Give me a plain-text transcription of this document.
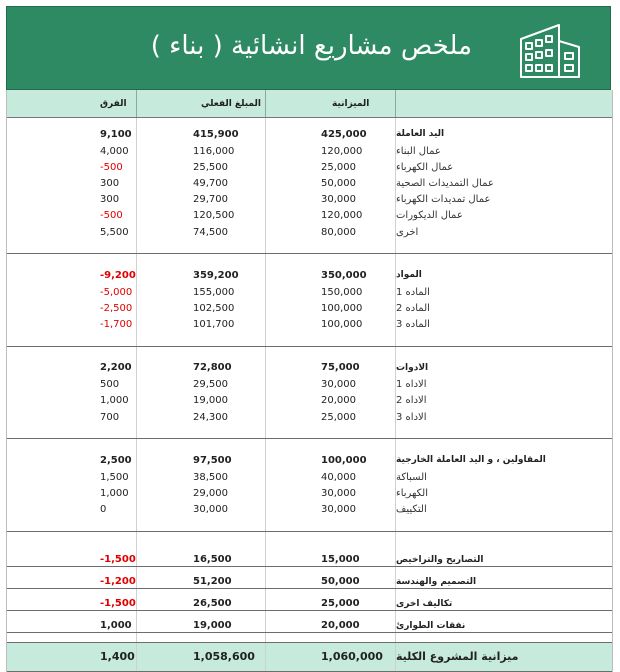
ملخص مشاريع انشائية ( بناء )
الفرق	المبلغ الفعلي	الميزانية
9,100	415,900	425,000	اليد العاملة
4,000	116,000	120,000	عمال البناء
-500	25,500	25,000	عمال الكهرباء
300	49,700	50,000	عمال التمديدات الصحية
300	29,700	30,000	عمال تمديدات الكهرباء
-500	120,500	120,000	عمال الديكورات
5,500	74,500	80,000	اخرى
-9,200	359,200	350,000	المواد
-5,000	155,000	150,000	الماده 1
-2,500	102,500	100,000	الماده 2
-1,700	101,700	100,000	الماده 3
2,200	72,800	75,000	الادوات
500	29,500	30,000	الاداه 1
1,000	19,000	20,000	الاداه 2
700	24,300	25,000	الاداه 3
2,500	97,500	100,000	المقاولين ، و اليد العاملة الخارجية
1,500	38,500	40,000	السباكة
1,000	29,000	30,000	الكهرباء
0	30,000	30,000	التكييف
-1,500	16,500	15,000	التصاريح والتراخيص
-1,200	51,200	50,000	التصميم والهندسة
-1,500	26,500	25,000	تكاليف اخرى
1,000	19,000	20,000	نفقات الطوارئ
1,400	1,058,600	1,060,000	ميزانية المشروع الكلية
